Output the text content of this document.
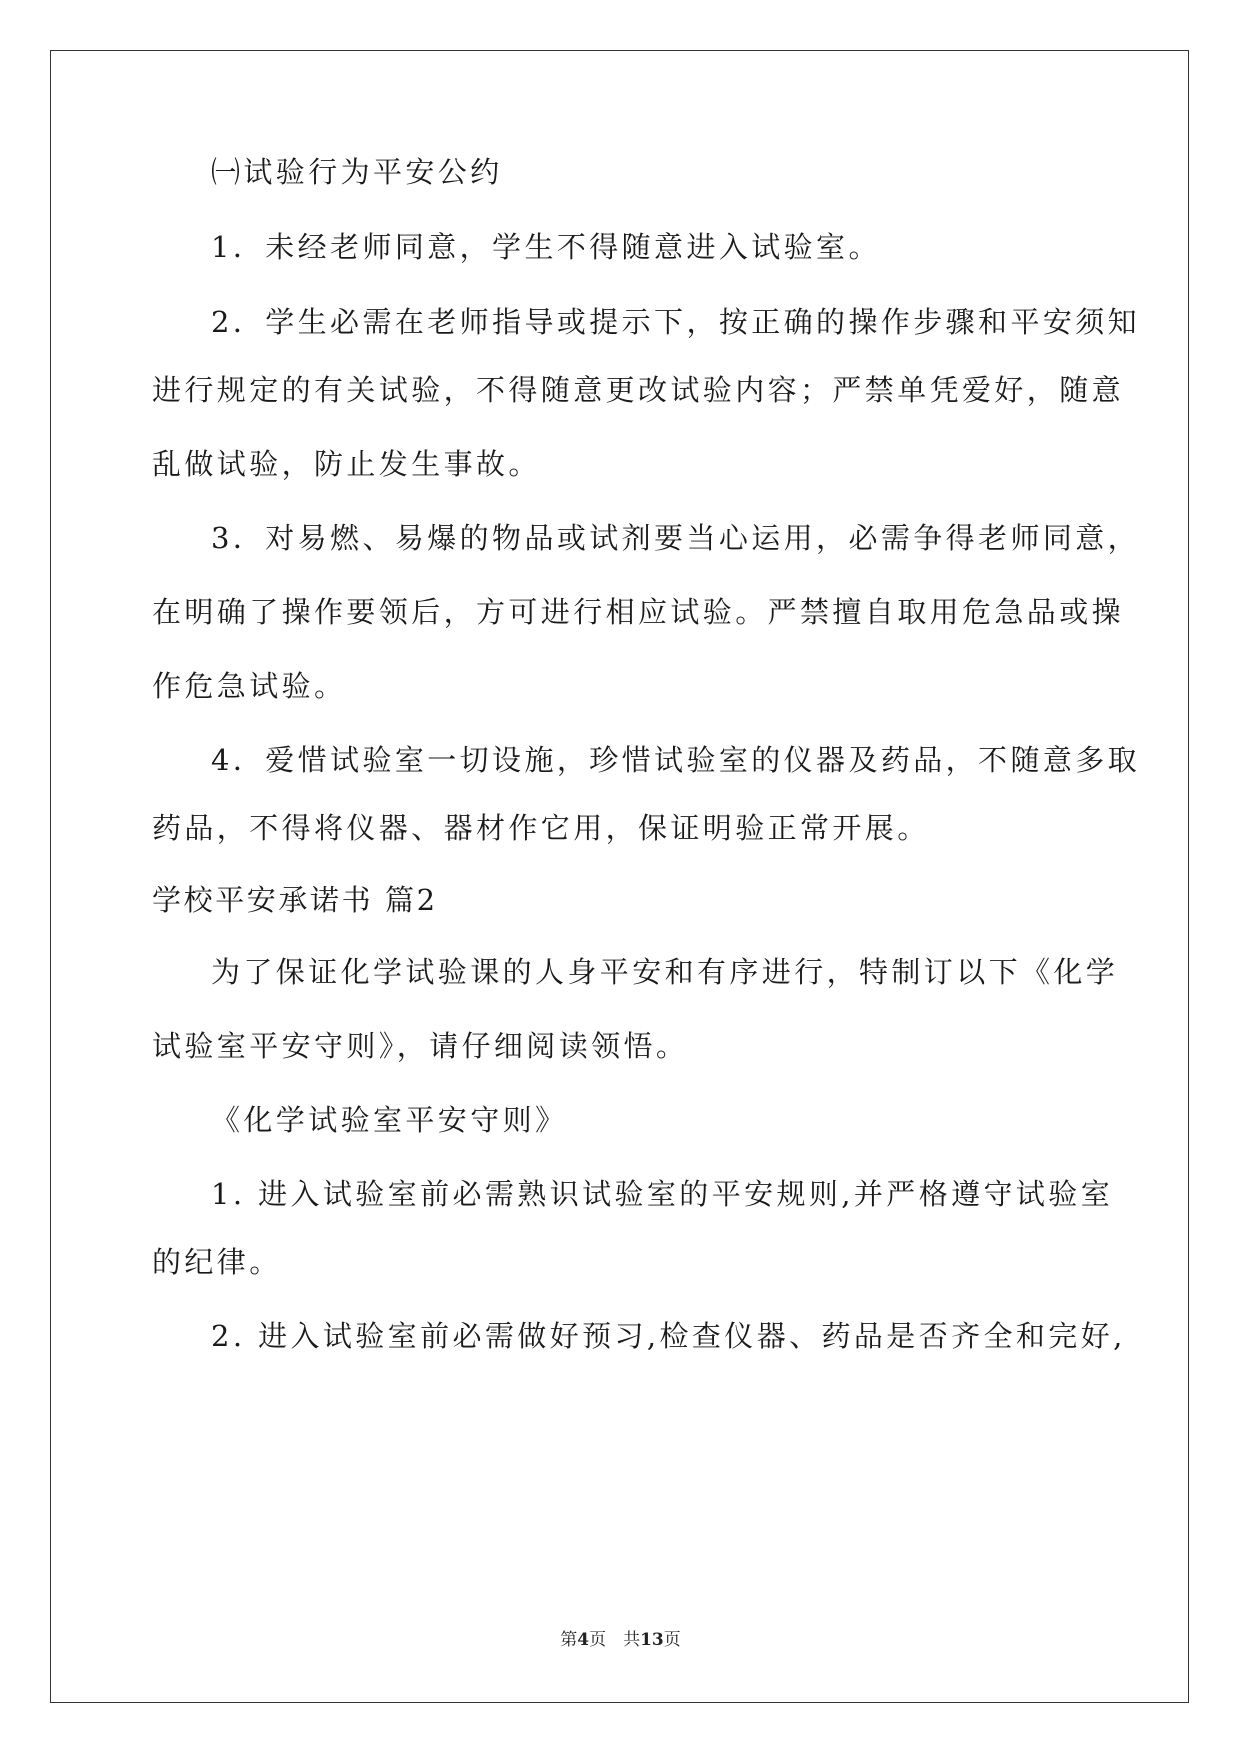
㈠试验行为平安公约

1．未经老师同意，学生不得随意进入试验室。

2．学生必需在老师指导或提示下，按正确的操作步骤和平安须知

进行规定的有关试验，不得随意更改试验内容；严禁单凭爱好，随意

乱做试验，防止发生事故。

3．对易燃、易爆的物品或试剂要当心运用，必需争得老师同意，

在明确了操作要领后，方可进行相应试验。严禁擅自取用危急品或操

作危急试验。

4．爱惜试验室一切设施，珍惜试验室的仪器及药品，不随意多取

药品，不得将仪器、器材作它用，保证明验正常开展。

学校平安承诺书 篇2

为了保证化学试验课的人身平安和有序进行，特制订以下《化学

试验室平安守则》，请仔细阅读领悟。

《化学试验室平安守则》

1. 进入试验室前必需熟识试验室的平安规则,并严格遵守试验室

的纪律。

2. 进入试验室前必需做好预习,检查仪器、药品是否齐全和完好,

第4页　共13页
